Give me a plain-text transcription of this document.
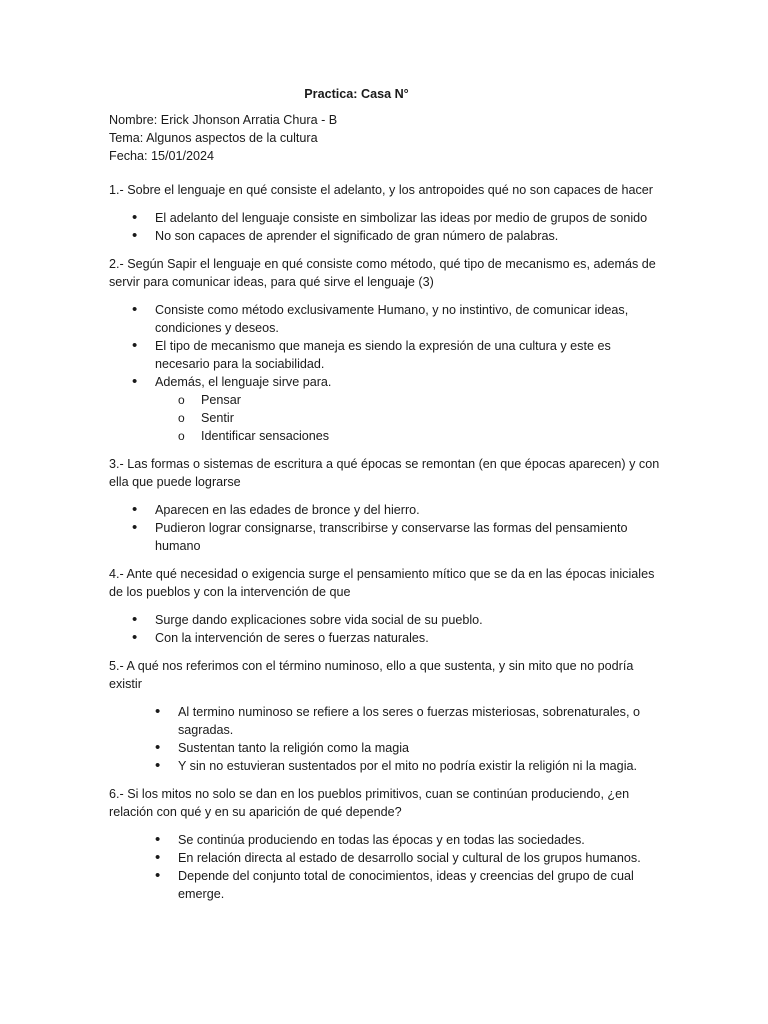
Practica: Casa N°

Nombre: Erick Jhonson Arratia Chura - B

Tema: Algunos aspectos de la cultura

Fecha: 15/01/2024

1.- Sobre el lenguaje en qué consiste el adelanto, y los antropoides qué no son capaces de hacer

• El adelanto del lenguaje consiste en simbolizar las ideas por medio de grupos de sonido
• No son capaces de aprender el significado de gran número de palabras.

2.- Según Sapir el lenguaje en qué consiste como método, qué tipo de mecanismo es, además de servir para comunicar ideas, para qué sirve el lenguaje (3)

• Consiste como método exclusivamente Humano, y no instintivo, de comunicar ideas, condiciones y deseos.
• El tipo de mecanismo que maneja es siendo la expresión de una cultura y este es necesario para la sociabilidad.
• Además, el lenguaje sirve para.
o Pensar
o Sentir
o Identificar sensaciones

3.- Las formas o sistemas de escritura a qué épocas se remontan (en que épocas aparecen) y con ella que puede lograrse

• Aparecen en las edades de bronce y del hierro.
• Pudieron lograr consignarse, transcribirse y conservarse las formas del pensamiento humano

4.- Ante qué necesidad o exigencia surge el pensamiento mítico que se da en las épocas iniciales de los pueblos y con la intervención de que

• Surge dando explicaciones sobre vida social de su pueblo.
• Con la intervención de seres o fuerzas naturales.

5.- A qué nos referimos con el término numinoso, ello a que sustenta, y sin mito que no podría existir

• Al termino numinoso se refiere a los seres o fuerzas misteriosas, sobrenaturales, o sagradas.
• Sustentan tanto la religión como la magia
• Y sin no estuvieran sustentados por el mito no podría existir la religión ni la magia.

6.- Si los mitos no solo se dan en los pueblos primitivos, cuan se continúan produciendo, ¿en relación con qué y en su aparición de qué depende?

• Se continúa produciendo en todas las épocas y en todas las sociedades.
• En relación directa al estado de desarrollo social y cultural de los grupos humanos.
• Depende del conjunto total de conocimientos, ideas y creencias del grupo de cual emerge.
